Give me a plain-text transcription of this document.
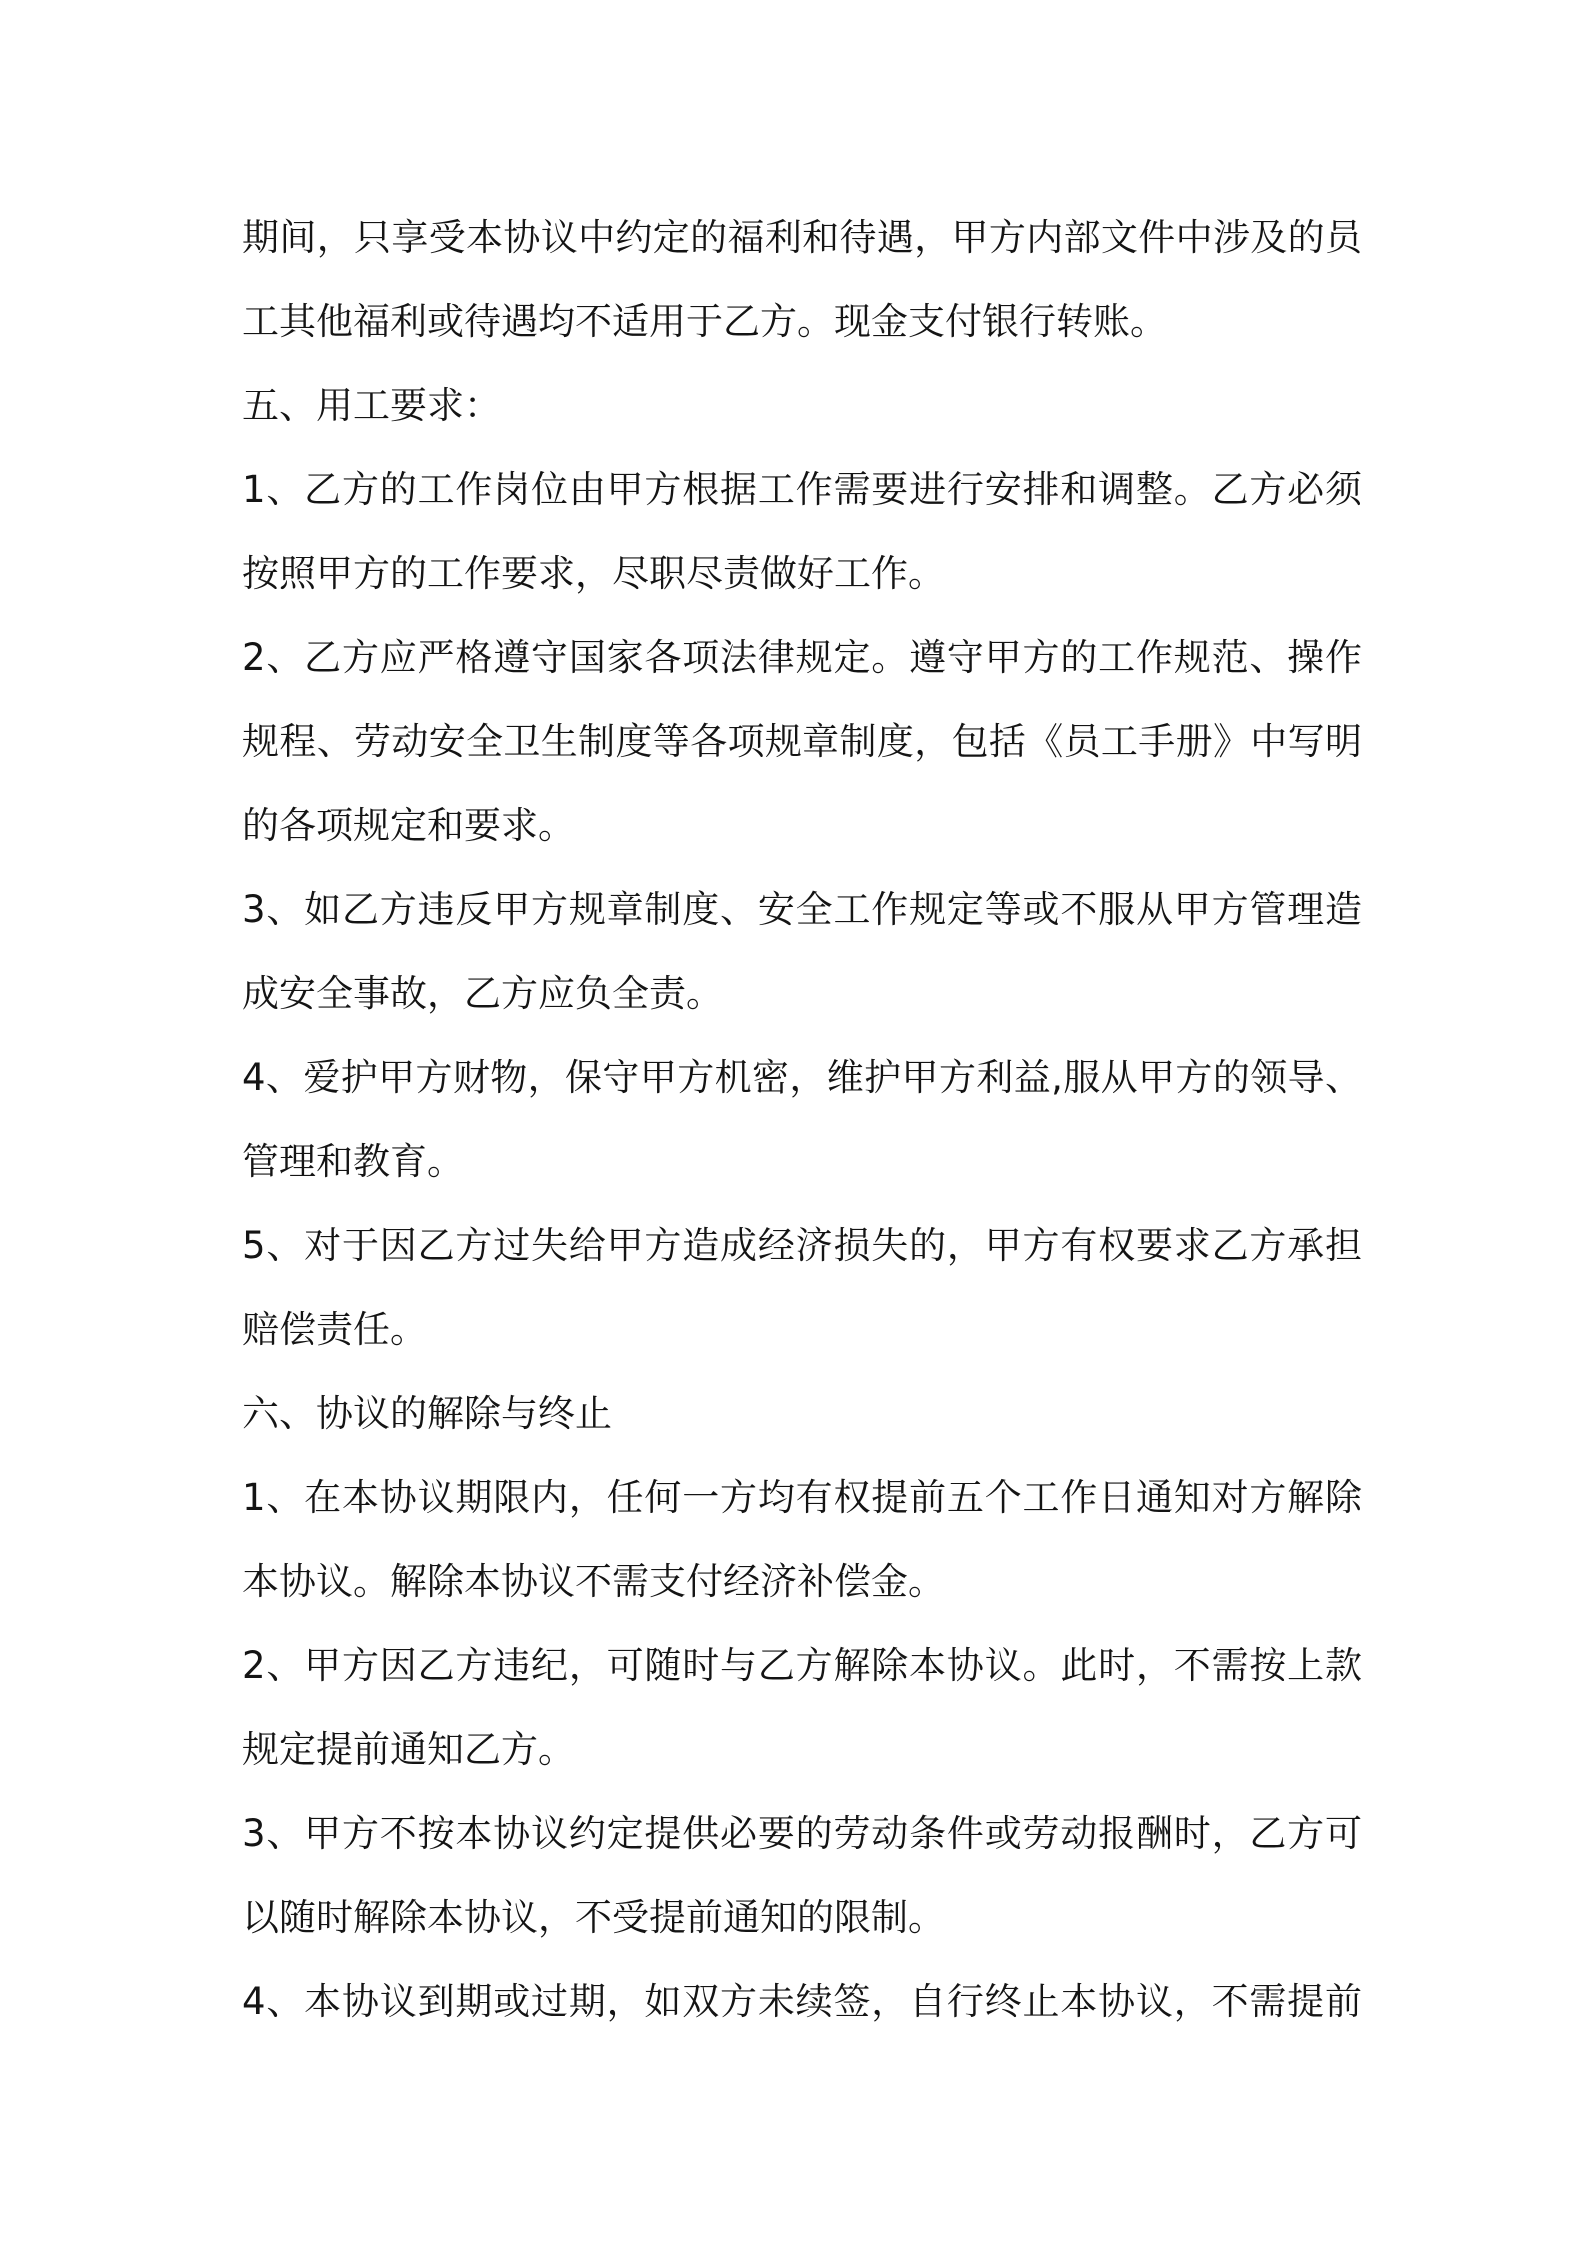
期间，只享受本协议中约定的福利和待遇，甲方内部文件中涉及的员
工其他福利或待遇均不适用于乙方。现金支付银行转账。
五、用工要求：
1、乙方的工作岗位由甲方根据工作需要进行安排和调整。乙方必须
按照甲方的工作要求，尽职尽责做好工作。
2、乙方应严格遵守国家各项法律规定。遵守甲方的工作规范、操作
规程、劳动安全卫生制度等各项规章制度，包括《员工手册》中写明
的各项规定和要求。
3、如乙方违反甲方规章制度、安全工作规定等或不服从甲方管理造
成安全事故，乙方应负全责。
4、爱护甲方财物，保守甲方机密，维护甲方利益,服从甲方的领导、
管理和教育。
5、对于因乙方过失给甲方造成经济损失的，甲方有权要求乙方承担
赔偿责任。
六、协议的解除与终止
1、在本协议期限内，任何一方均有权提前五个工作日通知对方解除
本协议。解除本协议不需支付经济补偿金。
2、甲方因乙方违纪，可随时与乙方解除本协议。此时，不需按上款
规定提前通知乙方。
3、甲方不按本协议约定提供必要的劳动条件或劳动报酬时，乙方可
以随时解除本协议，不受提前通知的限制。
4、本协议到期或过期，如双方未续签，自行终止本协议，不需提前
